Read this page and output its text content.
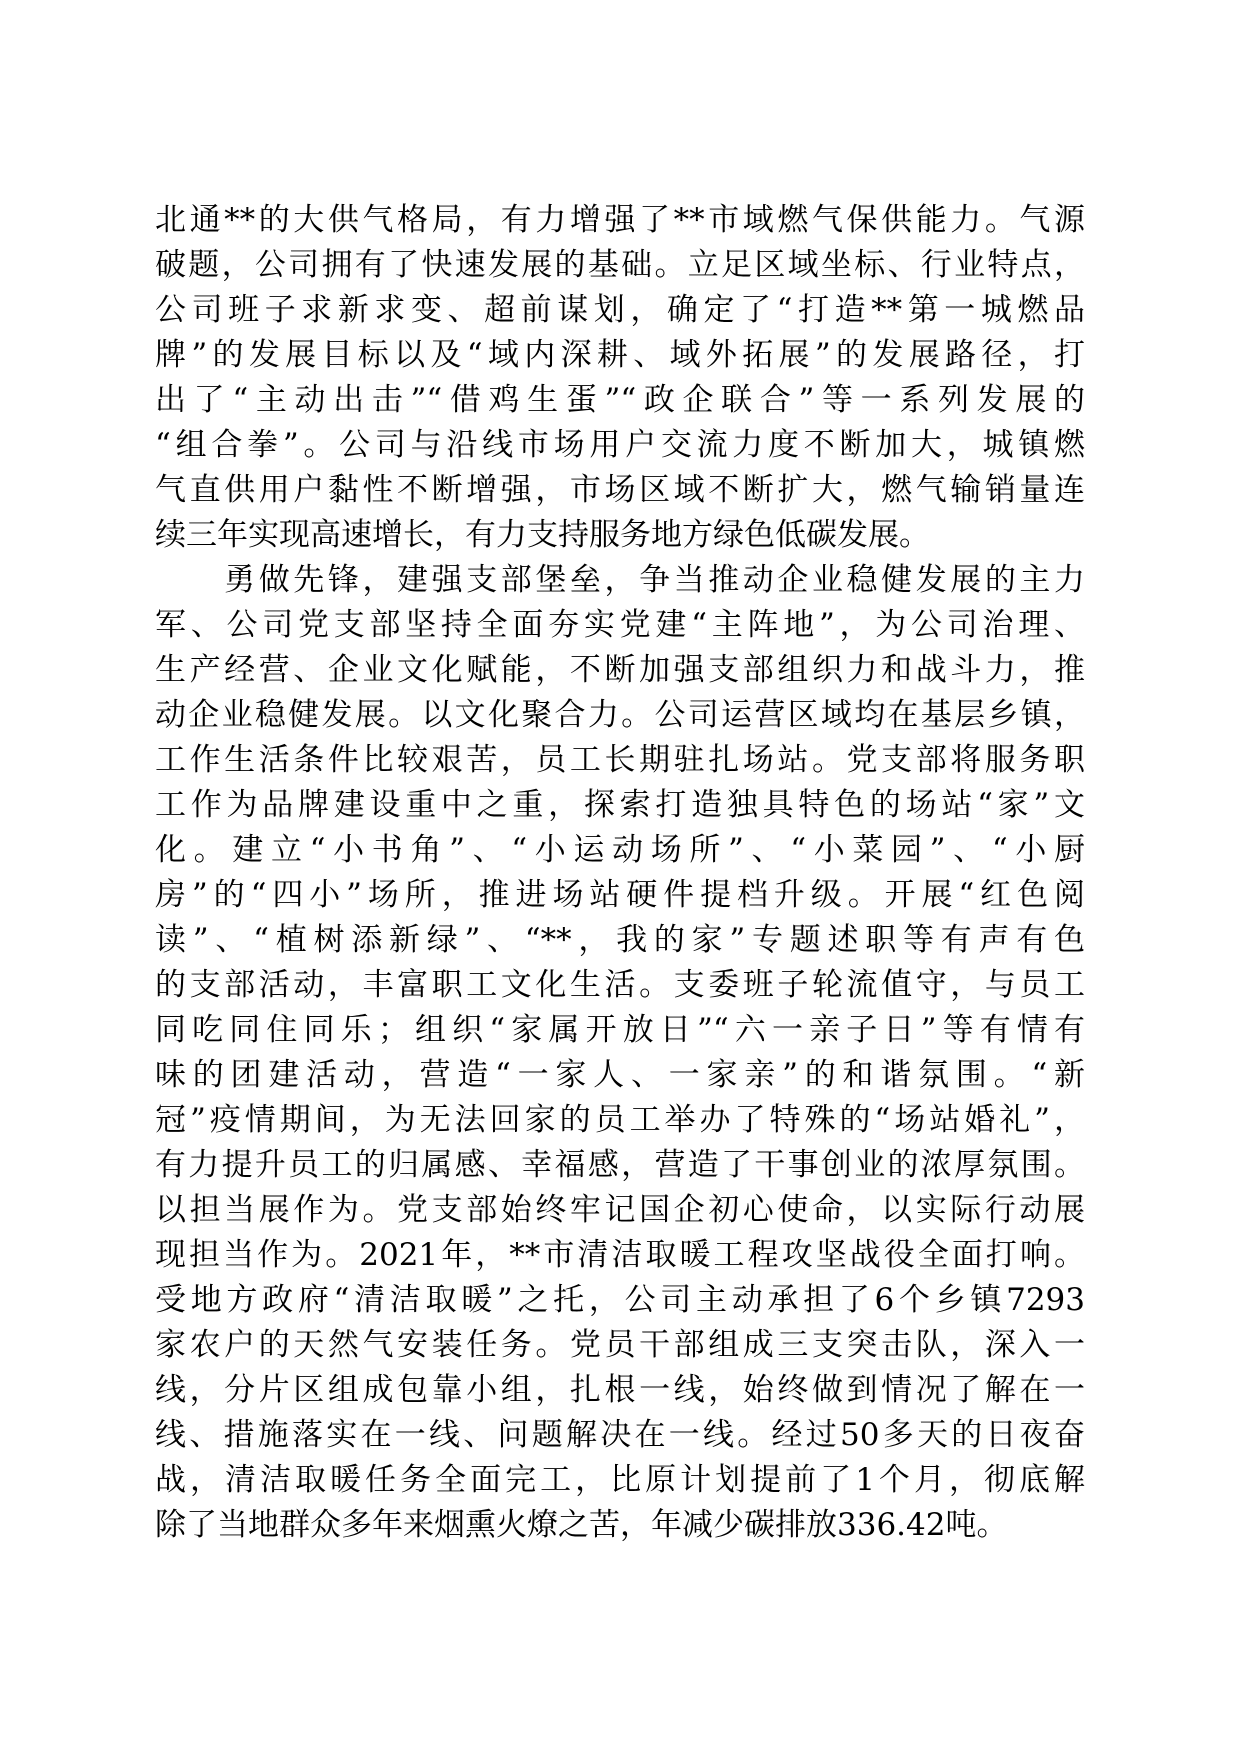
北通**的大供气格局，有力增强了**市域燃气保供能力。气源
破题，公司拥有了快速发展的基础。立足区域坐标、行业特点，
公司班子求新求变、超前谋划，确定了“打造**第一城燃品
牌”的发展目标以及“域内深耕、域外拓展”的发展路径，打
出了“主动出击”“借鸡生蛋”“政企联合”等一系列发展的
“组合拳”。公司与沿线市场用户交流力度不断加大，城镇燃
气直供用户黏性不断增强，市场区域不断扩大，燃气输销量连
续三年实现高速增长，有力支持服务地方绿色低碳发展。
　　勇做先锋，建强支部堡垒，争当推动企业稳健发展的主力
军、公司党支部坚持全面夯实党建“主阵地”，为公司治理、
生产经营、企业文化赋能，不断加强支部组织力和战斗力，推
动企业稳健发展。以文化聚合力。公司运营区域均在基层乡镇，
工作生活条件比较艰苦，员工长期驻扎场站。党支部将服务职
工作为品牌建设重中之重，探索打造独具特色的场站“家”文
化。建立“小书角”、“小运动场所”、“小菜园”、“小厨
房”的“四小”场所，推进场站硬件提档升级。开展“红色阅
读”、“植树添新绿”、“**，我的家”专题述职等有声有色
的支部活动，丰富职工文化生活。支委班子轮流值守，与员工
同吃同住同乐；组织“家属开放日”“六一亲子日”等有情有
味的团建活动，营造“一家人、一家亲”的和谐氛围。“新
冠”疫情期间，为无法回家的员工举办了特殊的“场站婚礼”，
有力提升员工的归属感、幸福感，营造了干事创业的浓厚氛围。
以担当展作为。党支部始终牢记国企初心使命，以实际行动展
现担当作为。2021年，**市清洁取暖工程攻坚战役全面打响。
受地方政府“清洁取暖”之托，公司主动承担了6个乡镇7293
家农户的天然气安装任务。党员干部组成三支突击队，深入一
线，分片区组成包靠小组，扎根一线，始终做到情况了解在一
线、措施落实在一线、问题解决在一线。经过50多天的日夜奋
战，清洁取暖任务全面完工，比原计划提前了1个月，彻底解
除了当地群众多年来烟熏火燎之苦，年减少碳排放336.42吨。
